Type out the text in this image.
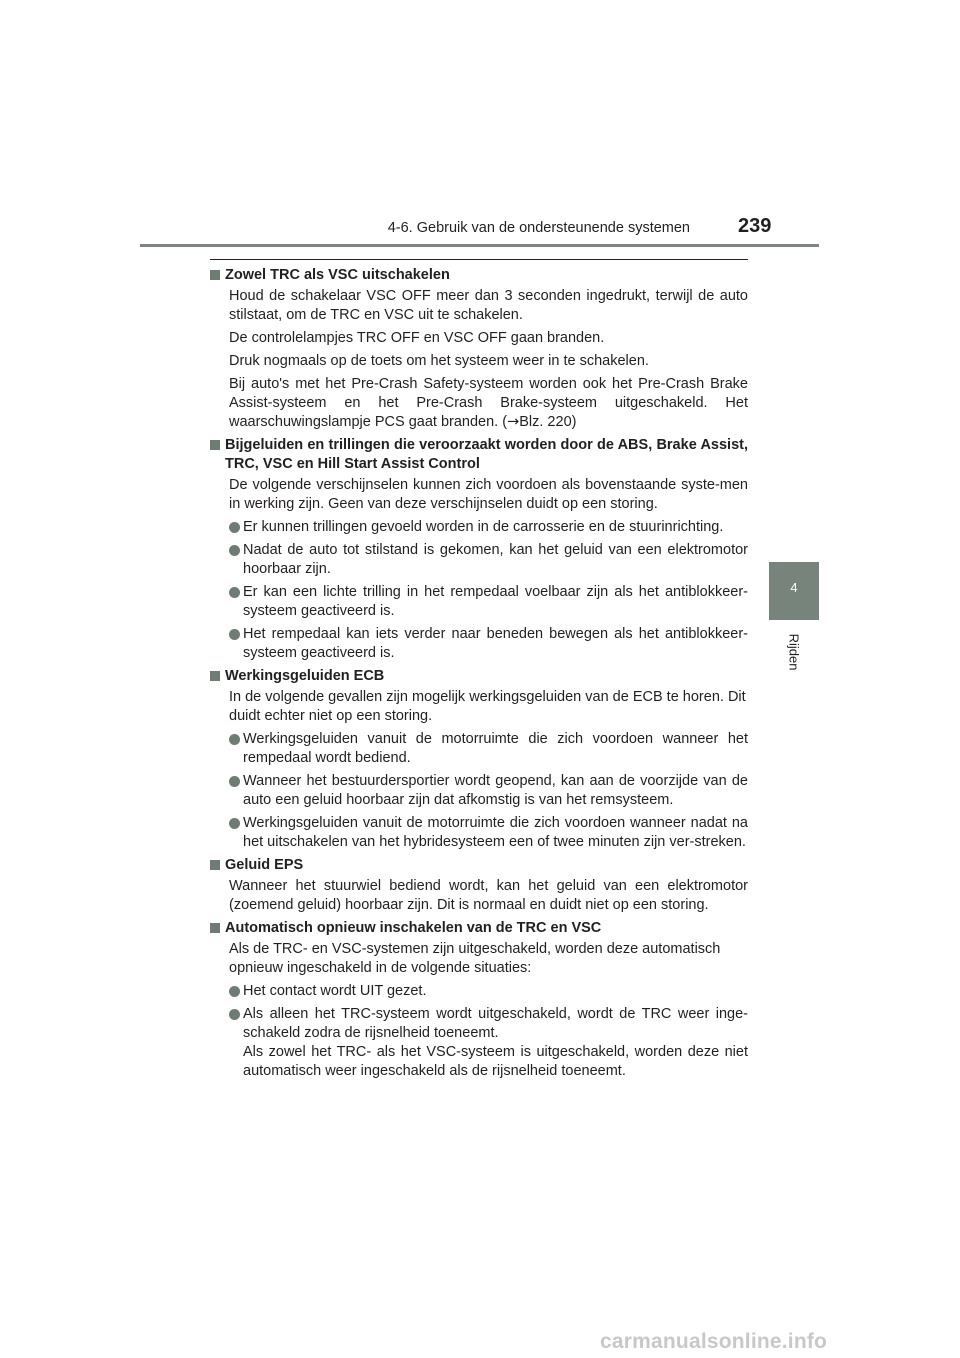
4-6. Gebruik van de ondersteunende systemen 239
4
Rijden
Zowel TRC als VSC uitschakelen
Houd de schakelaar VSC OFF meer dan 3 seconden ingedrukt, terwijl de auto stilstaat, om de TRC en VSC uit te schakelen.
De controlelampjes TRC OFF en VSC OFF gaan branden.
Druk nogmaals op de toets om het systeem weer in te schakelen.
Bij auto's met het Pre-Crash Safety-systeem worden ook het Pre-Crash Brake Assist-systeem en het Pre-Crash Brake-systeem uitgeschakeld. Het waarschuwingslampje PCS gaat branden. (→Blz. 220)
Bijgeluiden en trillingen die veroorzaakt worden door de ABS, Brake Assist, TRC, VSC en Hill Start Assist Control
De volgende verschijnselen kunnen zich voordoen als bovenstaande syste-men in werking zijn. Geen van deze verschijnselen duidt op een storing.
Er kunnen trillingen gevoeld worden in de carrosserie en de stuurinrichting.
Nadat de auto tot stilstand is gekomen, kan het geluid van een elektromotor hoorbaar zijn.
Er kan een lichte trilling in het rempedaal voelbaar zijn als het antiblokkeer-systeem geactiveerd is.
Het rempedaal kan iets verder naar beneden bewegen als het antiblokkeer-systeem geactiveerd is.
Werkingsgeluiden ECB
In de volgende gevallen zijn mogelijk werkingsgeluiden van de ECB te horen. Dit duidt echter niet op een storing.
Werkingsgeluiden vanuit de motorruimte die zich voordoen wanneer het rempedaal wordt bediend.
Wanneer het bestuurdersportier wordt geopend, kan aan de voorzijde van de auto een geluid hoorbaar zijn dat afkomstig is van het remsysteem.
Werkingsgeluiden vanuit de motorruimte die zich voordoen wanneer nadat na het uitschakelen van het hybridesysteem een of twee minuten zijn ver-streken.
Geluid EPS
Wanneer het stuurwiel bediend wordt, kan het geluid van een elektromotor (zoemend geluid) hoorbaar zijn. Dit is normaal en duidt niet op een storing.
Automatisch opnieuw inschakelen van de TRC en VSC
Als de TRC- en VSC-systemen zijn uitgeschakeld, worden deze automatisch opnieuw ingeschakeld in de volgende situaties:
Het contact wordt UIT gezet.
Als alleen het TRC-systeem wordt uitgeschakeld, wordt de TRC weer inge-schakeld zodra de rijsnelheid toeneemt.
Als zowel het TRC- als het VSC-systeem is uitgeschakeld, worden deze niet automatisch weer ingeschakeld als de rijsnelheid toeneemt.
carmanualsonline.info
